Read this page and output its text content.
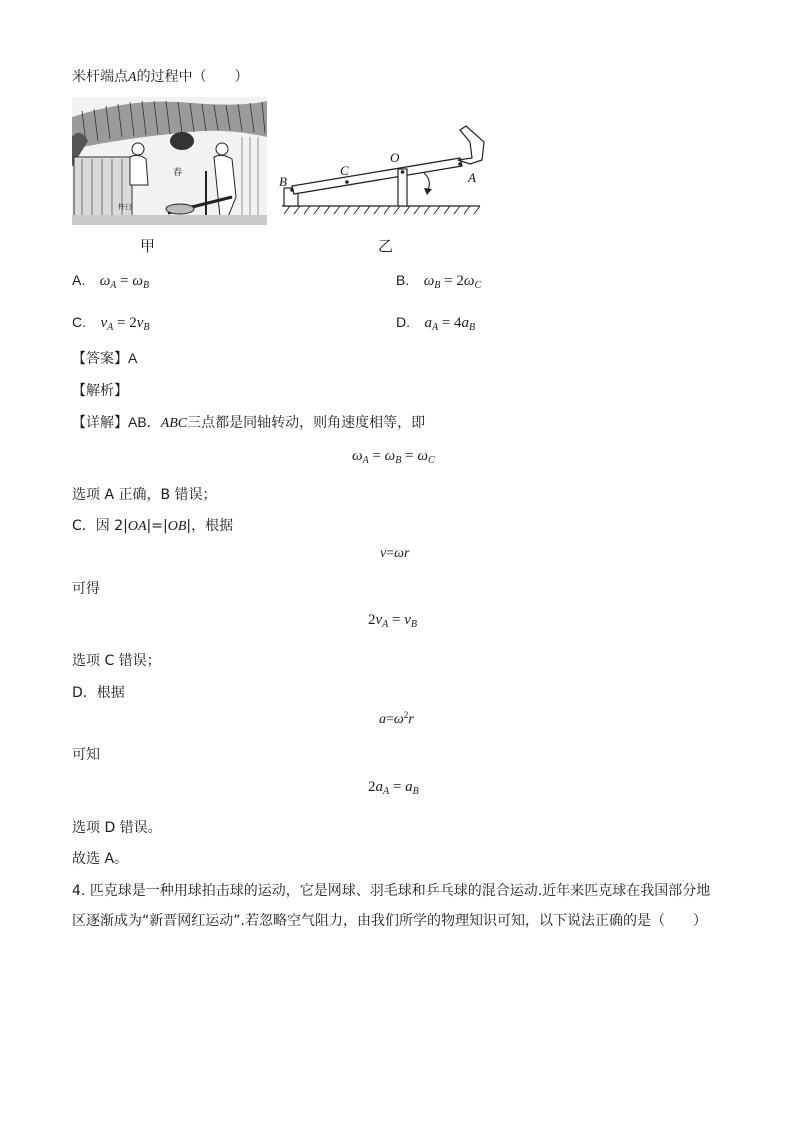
米杆端点A的过程中（　　）
春
杵臼
B
C
O
A
甲	乙
A. $\omega_A = \omega_B$	B. $\omega_B = 2\omega_C$
C. $v_A = 2v_B$	D. $a_A = 4a_B$
【答案】A
【解析】
【详解】AB．ABC三点都是同轴转动，则角速度相等，即
$\omega_A = \omega_B = \omega_C$
选项 A 正确，B 错误；
C．因 2|OA|=|OB|，根据
v=ωr
可得
$2v_A = v_B$
选项 C 错误；
D．根据
$a=\omega^2r$
可知
$2a_A = a_B$
选项 D 错误。
故选 A。
4. 匹克球是一种用球拍击球的运动，它是网球、羽毛球和乒乓球的混合运动.近年来匹克球在我国部分地
区逐渐成为“新晋网红运动”.若忽略空气阻力，由我们所学的物理知识可知，以下说法正确的是（　　）
